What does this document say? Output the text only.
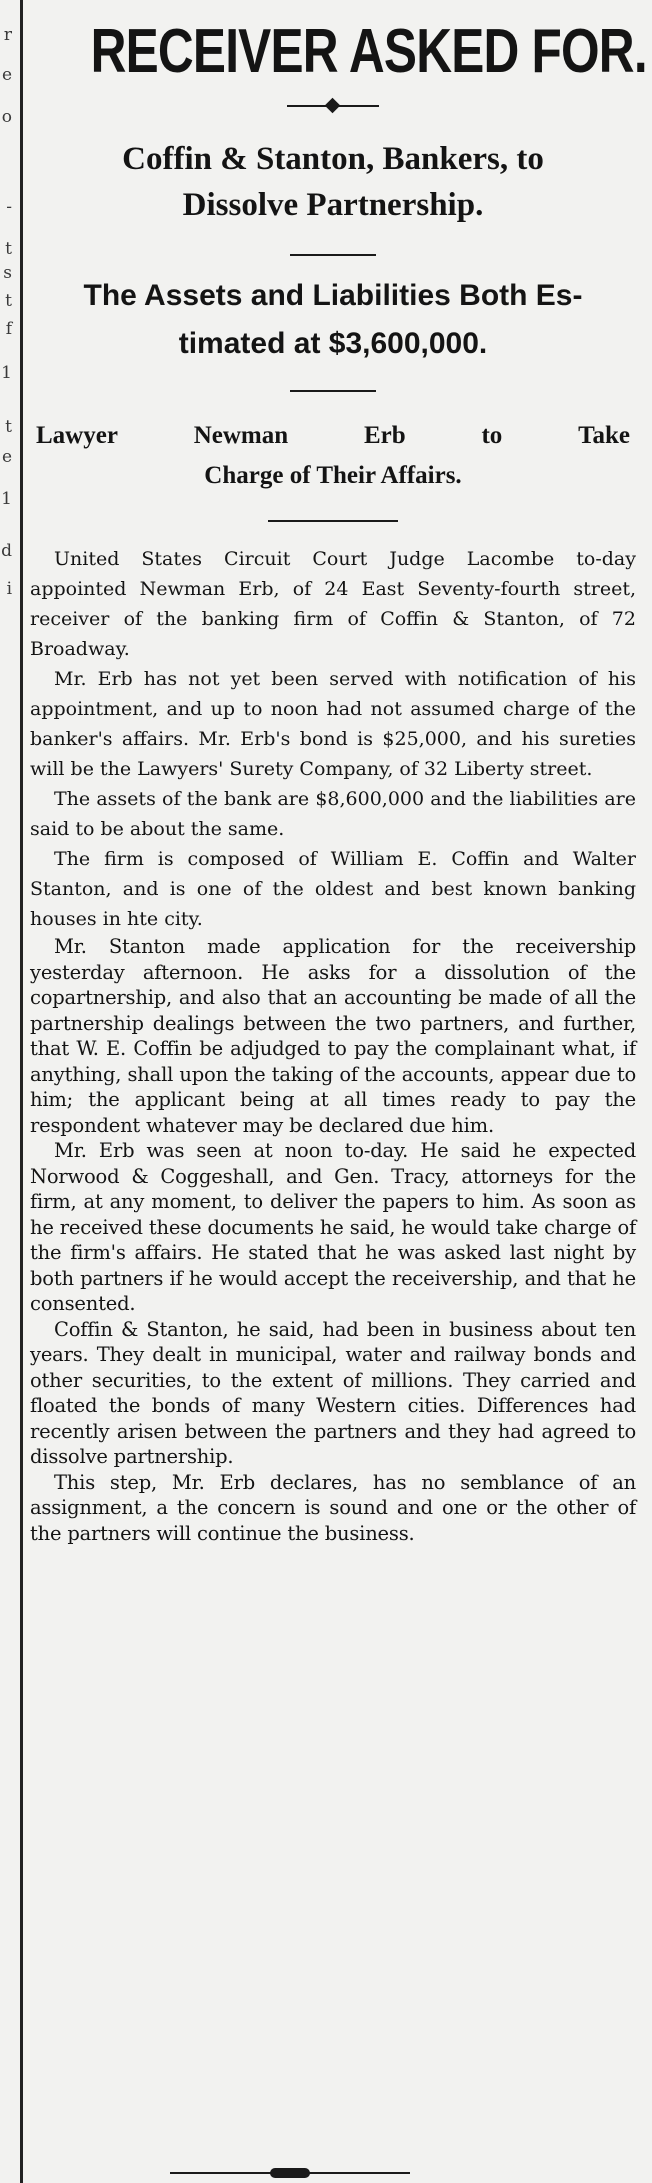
r
e
o
-
t
s
t
f
1
t
e
1
d
i
RECEIVER ASKED FOR.
Coffin & Stanton, Bankers, to
Dissolve Partnership.
The Assets and Liabilities Both Es-
timated at $3,600,000.
Lawyer	Newman	Erb	to	Take
Charge of Their Affairs.

United States Circuit Court Judge Lacombe to-day appointed Newman Erb, of 24 East Seventy-fourth street, receiver of the banking firm of Coffin & Stanton, of 72 Broadway.

Mr. Erb has not yet been served with notification of his appointment, and up to noon had not assumed charge of the banker's affairs. Mr. Erb's bond is $25,000, and his sureties will be the Lawyers' Surety Company, of 32 Liberty street.

The assets of the bank are $8,600,000 and the liabilities are said to be about the same.

The firm is composed of William E. Coffin and Walter Stanton, and is one of the oldest and best known banking houses in hte city.

Mr. Stanton made application for the receivership yesterday afternoon. He asks for a dissolution of the copartnership, and also that an accounting be made of all the partnership dealings between the two partners, and further, that W. E. Coffin be adjudged to pay the complainant what, if anything, shall upon the taking of the accounts, appear due to him; the applicant being at all times ready to pay the respondent whatever may be declared due him.

Mr. Erb was seen at noon to-day. He said he expected Norwood & Coggeshall, and Gen. Tracy, attorneys for the firm, at any moment, to deliver the papers to him. As soon as he received these documents he said, he would take charge of the firm's affairs. He stated that he was asked last night by both partners if he would accept the receivership, and that he consented.

Coffin & Stanton, he said, had been in business about ten years. They dealt in municipal, water and railway bonds and other securities, to the extent of millions. They carried and floated the bonds of many Western cities. Differences had recently arisen between the partners and they had agreed to dissolve partnership.

This step, Mr. Erb declares, has no semblance of an assignment, a the concern is sound and one or the other of the partners will continue the business.
